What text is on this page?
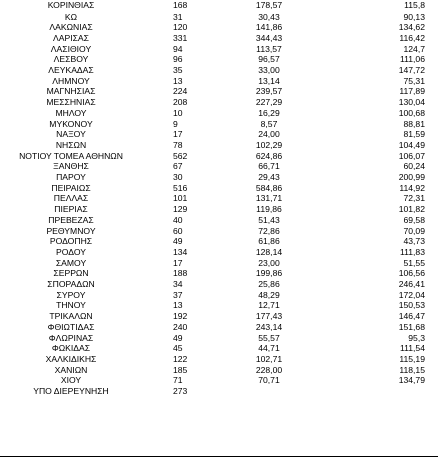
ΚΟΡΙΝΘΙΑΣ	168	178,57	115,8
ΚΩ	31	30,43	90,13
ΛΑΚΩΝΙΑΣ	120	141,86	134,62
ΛΑΡΙΣΑΣ	331	344,43	116,42
ΛΑΣΙΘΙΟΥ	94	113,57	124,7
ΛΕΣΒΟΥ	96	96,57	111,06
ΛΕΥΚΑΔΑΣ	35	33,00	147,72
ΛΗΜΝΟΥ	13	13,14	75,31
ΜΑΓΝΗΣΙΑΣ	224	239,57	117,89
ΜΕΣΣΗΝΙΑΣ	208	227,29	130,04
ΜΗΛΟΥ	10	16,29	100,68
ΜΥΚΟΝΟΥ	9	8,57	88,81
ΝΑΞΟΥ	17	24,00	81,59
ΝΗΣΩΝ	78	102,29	104,49
ΝΟΤΙΟΥ ΤΟΜΕΑ ΑΘΗΝΩΝ	562	624,86	106,07
ΞΑΝΘΗΣ	67	66,71	60,24
ΠΑΡΟΥ	30	29,43	200,99
ΠΕΙΡΑΙΩΣ	516	584,86	114,92
ΠΕΛΛΑΣ	101	131,71	72,31
ΠΙΕΡΙΑΣ	129	119,86	101,82
ΠΡΕΒΕΖΑΣ	40	51,43	69,58
ΡΕΘΥΜΝΟΥ	60	72,86	70,09
ΡΟΔΟΠΗΣ	49	61,86	43,73
ΡΟΔΟΥ	134	128,14	111,83
ΣΑΜΟΥ	17	23,00	51,55
ΣΕΡΡΩΝ	188	199,86	106,56
ΣΠΟΡΑΔΩΝ	34	25,86	246,41
ΣΥΡΟΥ	37	48,29	172,04
ΤΗΝΟΥ	13	12,71	150,53
ΤΡΙΚΑΛΩΝ	192	177,43	146,47
ΦΘΙΩΤΙΔΑΣ	240	243,14	151,68
ΦΛΩΡΙΝΑΣ	49	55,57	95,3
ΦΩΚΙΔΑΣ	45	44,71	111,54
ΧΑΛΚΙΔΙΚΗΣ	122	102,71	115,19
ΧΑΝΙΩΝ	185	228,00	118,15
ΧΙΟΥ	71	70,71	134,79
ΥΠΟ ΔΙΕΡΕΥΝΗΣΗ	273		
